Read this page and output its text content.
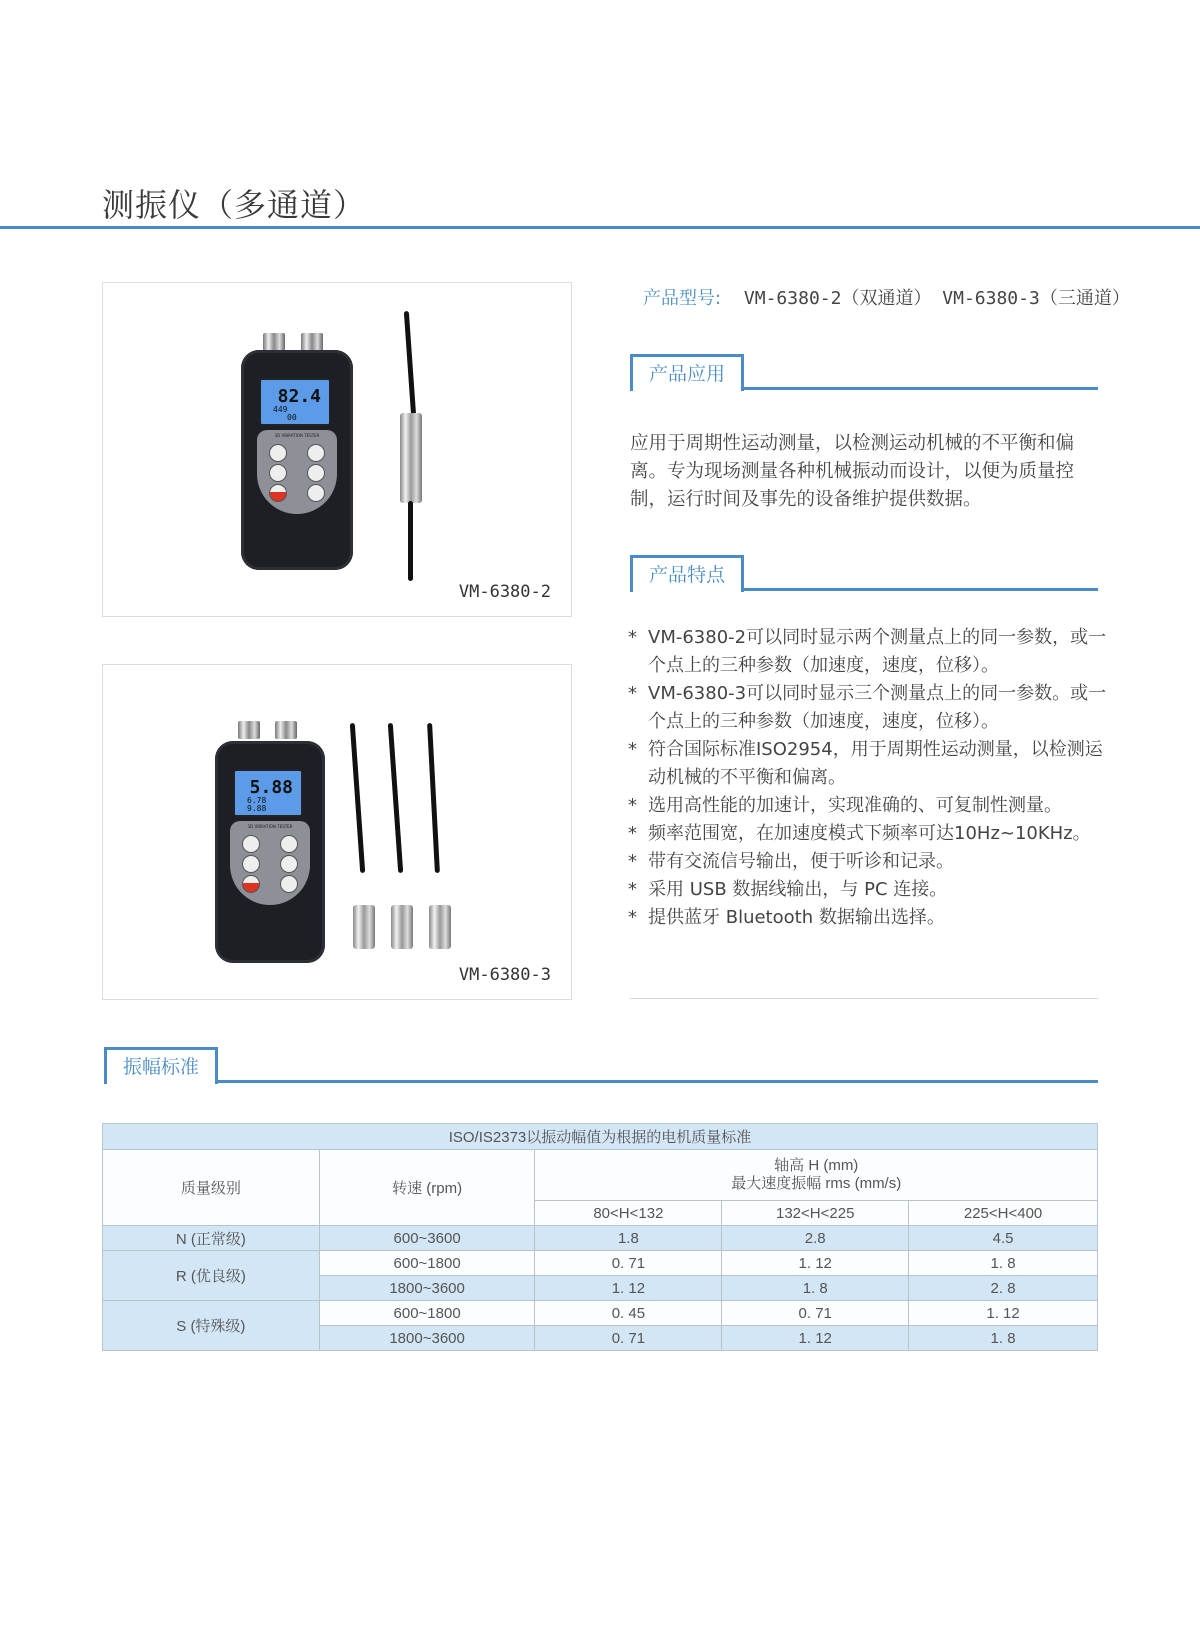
测振仪（多通道）
82.4
449
00
3D VIBRATION TESTER
VM-6380-2
5.88
6.78
9.88
3D VIBRATION TESTER
VM-6380-3
产品型号: VM-6380-2（双通道） VM-6380-3（三通道）
产品应用
应用于周期性运动测量，以检测运动机械的不平衡和偏离。专为现场测量各种机械振动而设计，以便为质量控制，运行时间及事先的设备维护提供数据。
产品特点
* VM-6380-2可以同时显示两个测量点上的同一参数，或一个点上的三种参数（加速度，速度，位移）。
* VM-6380-3可以同时显示三个测量点上的同一参数。或一个点上的三种参数（加速度，速度，位移）。
* 符合国际标准ISO2954，用于周期性运动测量，以检测运动机械的不平衡和偏离。
* 选用高性能的加速计，实现准确的、可复制性测量。
* 频率范围宽，在加速度模式下频率可达10Hz~10KHz。
* 带有交流信号输出，便于听诊和记录。
* 采用 USB 数据线输出，与 PC 连接。
* 提供蓝牙 Bluetooth 数据输出选择。
振幅标准
ISO/IS2373以振动幅值为根据的电机质量标准				
质量级别	转速 (rpm)	轴高 H (mm)
最大速度振幅 rms (mm/s)		

		80<H<132	132<H<225	225<H<400
N (正常级)	600~3600	1.8	2.8	4.5
R (优良级)	600~1800	0. 71	1. 12	1. 8
	1800~3600	1. 12	1. 8	2. 8
S (特殊级)	600~1800	0. 45	0. 71	1. 12
	1800~3600	0. 71	1. 12	1. 8
